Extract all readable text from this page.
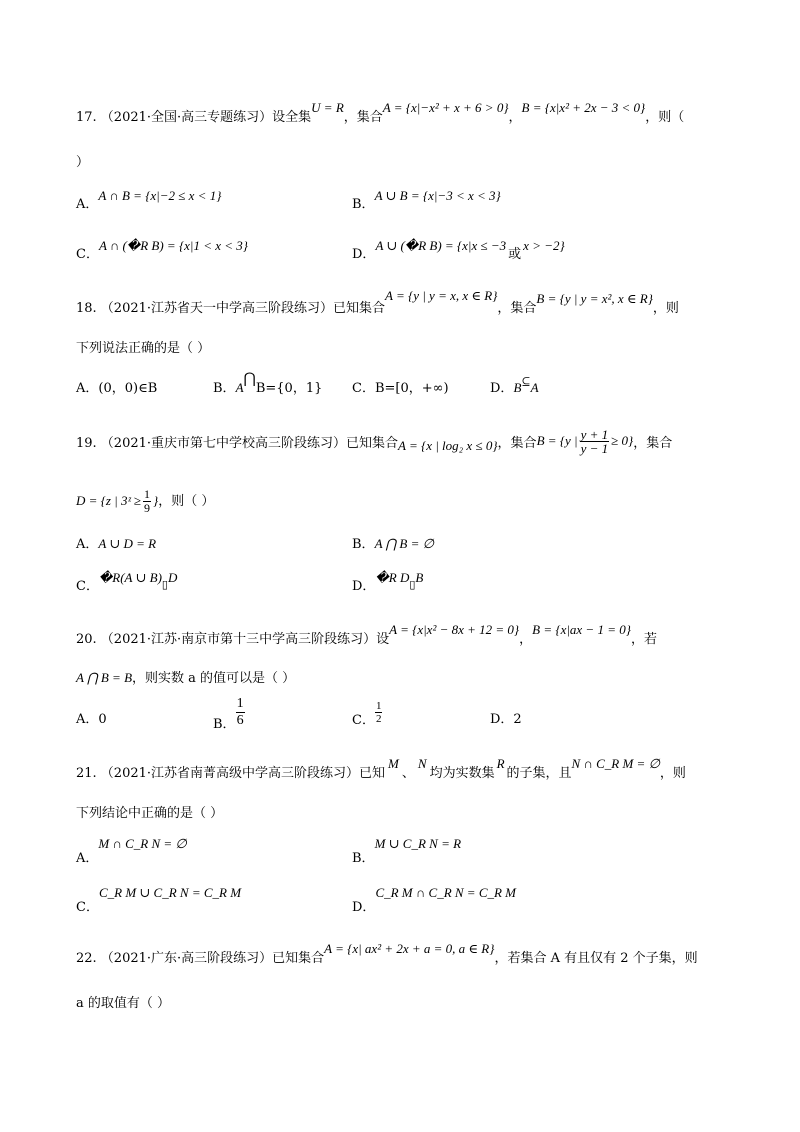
17. （2021·全国·高三专题练习）设全集U = R，集合A = {x|−x² + x + 6 > 0}，B = {x|x² + 2x − 3 < 0}，则（
）
A．A ∩ B = {x|−2 ≤ x < 1}
B．A ∪ B = {x|−3 < x < 3}
C．A ∩ (�R B) = {x|1 < x < 3}
D．A ∪ (�R B) = {x|x ≤ −3或x > −2}
18. （2021·江苏省天一中学高三阶段练习）已知集合A = {y | y = x, x ∈ R}，集合B = {y | y = x², x ∈ R}，则
下列说法正确的是（ ）
A．(0，0)∈B	B．A⋂B={0，1} C．B=[0，+∞)	D．B⊆A
19. （2021·重庆市第七中学校高三阶段练习）已知集合A = {x | log₂ x ≤ 0}，集合B = {y | $\frac{y + 1}{y - 1} \ge 0$}，集合
D = {z | 3ᶻ ≥ $\frac{1}{9}$ }，则（ ）
A．A ∪ D = R	B．A ⋂ B = ∅
C．�R(A ∪ $B)_▯D$
D．�R $D_▯B$
20. （2021·江苏·南京市第十三中学高三阶段练习）设A = {x|x² − 8x + 12 = 0}，B = {x|ax − 1 = 0}，若
A ⋂ B = B，则实数 a 的值可以是（ ）
A．0	B． $\frac{1}{6}$	C． $\frac{1}{2}$	D．2
21. （2021·江苏省南菁高级中学高三阶段练习）已知M、N均为实数集R的子集，且N ∩ C_R M = ∅，则
下列结论中正确的是（ ）
A．M ∩ C_R N = ∅
B．M ∪ C_R N = R
C．C_R M ∪ C_R N = C_R M
D．C_R M ∩ C_R N = C_R M
22. （2021·广东·高三阶段练习）已知集合A = {x| ax² + 2x + a = 0, a ∈ R}，若集合 A 有且仅有 2 个子集，则
a 的取值有（ ）
